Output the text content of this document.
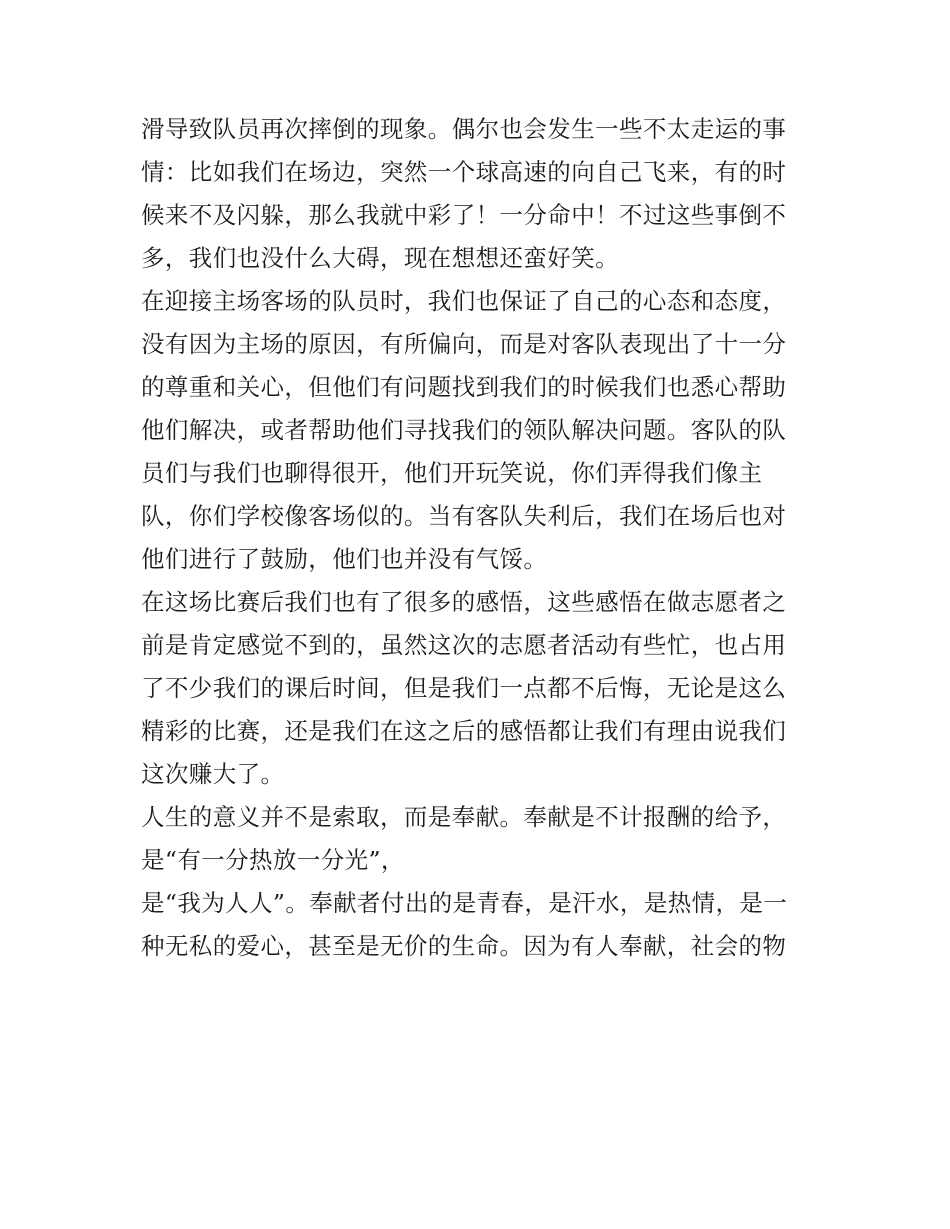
滑导致队员再次摔倒的现象。偶尔也会发生一些不太走运的事
情：比如我们在场边，突然一个球高速的向自己飞来，有的时
候来不及闪躲，那么我就中彩了！一分命中！不过这些事倒不
多，我们也没什么大碍，现在想想还蛮好笑。
在迎接主场客场的队员时，我们也保证了自己的心态和态度，
没有因为主场的原因，有所偏向，而是对客队表现出了十一分
的尊重和关心，但他们有问题找到我们的时候我们也悉心帮助
他们解决，或者帮助他们寻找我们的领队解决问题。客队的队
员们与我们也聊得很开，他们开玩笑说，你们弄得我们像主
队，你们学校像客场似的。当有客队失利后，我们在场后也对
他们进行了鼓励，他们也并没有气馁。
在这场比赛后我们也有了很多的感悟，这些感悟在做志愿者之
前是肯定感觉不到的，虽然这次的志愿者活动有些忙，也占用
了不少我们的课后时间，但是我们一点都不后悔，无论是这么
精彩的比赛，还是我们在这之后的感悟都让我们有理由说我们
这次赚大了。
人生的意义并不是索取，而是奉献。奉献是不计报酬的给予，
是“有一分热放一分光”，
是“我为人人”。奉献者付出的是青春，是汗水，是热情，是一
种无私的爱心，甚至是无价的生命。因为有人奉献，社会的物
